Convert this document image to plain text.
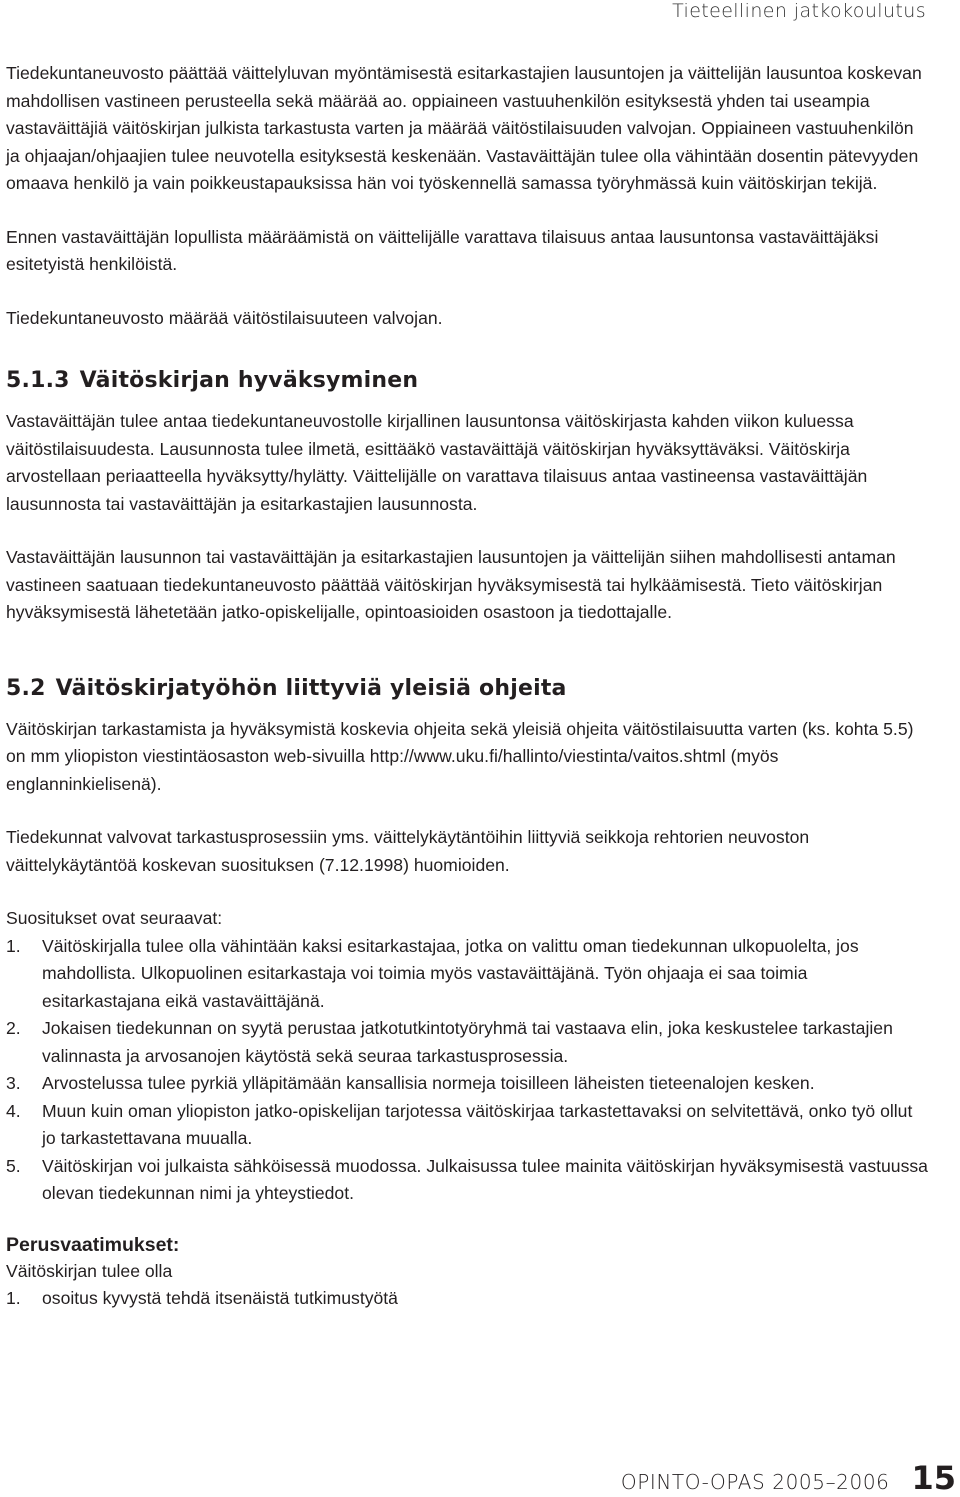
Tieteellinen jatkokoulutus

Tiedekuntaneuvosto päättää väittelyluvan myöntämisestä esitarkastajien lausuntojen ja väittelijän lausuntoa koskevan mahdollisen vastineen perusteella sekä määrää ao. oppiaineen vastuuhenkilön esityksestä yhden tai useampia vastaväittäjiä väitöskirjan julkista tarkastusta varten ja määrää väitöstilaisuuden valvojan. Oppiaineen vastuuhenkilön ja ohjaajan/ohjaajien tulee neuvotella esityksestä keskenään. Vastaväittäjän tulee olla vähintään dosentin pätevyyden omaava henkilö ja vain poikkeustapauksissa hän voi työskennellä samassa työryhmässä kuin väitöskirjan tekijä.

Ennen vastaväittäjän lopullista määräämistä on väittelijälle varattava tilaisuus antaa lausuntonsa vastaväittäjäksi esitetyistä henkilöistä.

Tiedekuntaneuvosto määrää väitöstilaisuuteen valvojan.

5.1.3 Väitöskirjan hyväksyminen

Vastaväittäjän tulee antaa tiedekuntaneuvostolle kirjallinen lausuntonsa väitöskirjasta kahden viikon kuluessa väitöstilaisuudesta. Lausunnosta tulee ilmetä, esittääkö vastaväittäjä väitöskirjan hyväksyttäväksi. Väitöskirja arvostellaan periaatteella hyväksytty/hylätty. Väittelijälle on varattava tilaisuus antaa vastineensa vastaväittäjän lausunnosta tai vastaväittäjän ja esitarkastajien lausunnosta.

Vastaväittäjän lausunnon tai vastaväittäjän ja esitarkastajien lausuntojen ja väittelijän siihen mahdollisesti antaman vastineen saatuaan tiedekuntaneuvosto päättää väitöskirjan hyväksymisestä tai hylkäämisestä. Tieto väitöskirjan hyväksymisestä lähetetään jatko-opiskelijalle, opintoasioiden osastoon ja tiedottajalle.

5.2 Väitöskirjatyöhön liittyviä yleisiä ohjeita

Väitöskirjan tarkastamista ja hyväksymistä koskevia ohjeita sekä yleisiä ohjeita väitöstilaisuutta varten (ks. kohta 5.5) on mm yliopiston viestintäosaston web-sivuilla http://www.uku.fi/hallinto/viestinta/vaitos.shtml (myös englanninkielisenä).

Tiedekunnat valvovat tarkastusprosessiin yms. väittelykäytäntöihin liittyviä seikkoja rehtorien neuvoston väittelykäytäntöä koskevan suosituksen (7.12.1998) huomioiden.

Suositukset ovat seuraavat:

1. Väitöskirjalla tulee olla vähintään kaksi esitarkastajaa, jotka on valittu oman tiedekunnan ulkopuolelta, jos mahdollista. Ulkopuolinen esitarkastaja voi toimia myös vastaväittäjänä. Työn ohjaaja ei saa toimia esitarkastajana eikä vastaväittäjänä.
2. Jokaisen tiedekunnan on syytä perustaa jatkotutkintotyöryhmä tai vastaava elin, joka keskustelee tarkastajien valinnasta ja arvosanojen käytöstä sekä seuraa tarkastusprosessia.
3. Arvostelussa tulee pyrkiä ylläpitämään kansallisia normeja toisilleen läheisten tieteenalojen kesken.
4. Muun kuin oman yliopiston jatko-opiskelijan tarjotessa väitöskirjaa tarkastettavaksi on selvitettävä, onko työ ollut jo tarkastettavana muualla.
5. Väitöskirjan voi julkaista sähköisessä muodossa. Julkaisussa tulee mainita väitöskirjan hyväksymisestä vastuussa olevan tiedekunnan nimi ja yhteystiedot.

Perusvaatimukset:

Väitöskirjan tulee olla

1. osoitus kyvystä tehdä itsenäistä tutkimustyötä
OPINTO-OPAS 2005–2006 15
